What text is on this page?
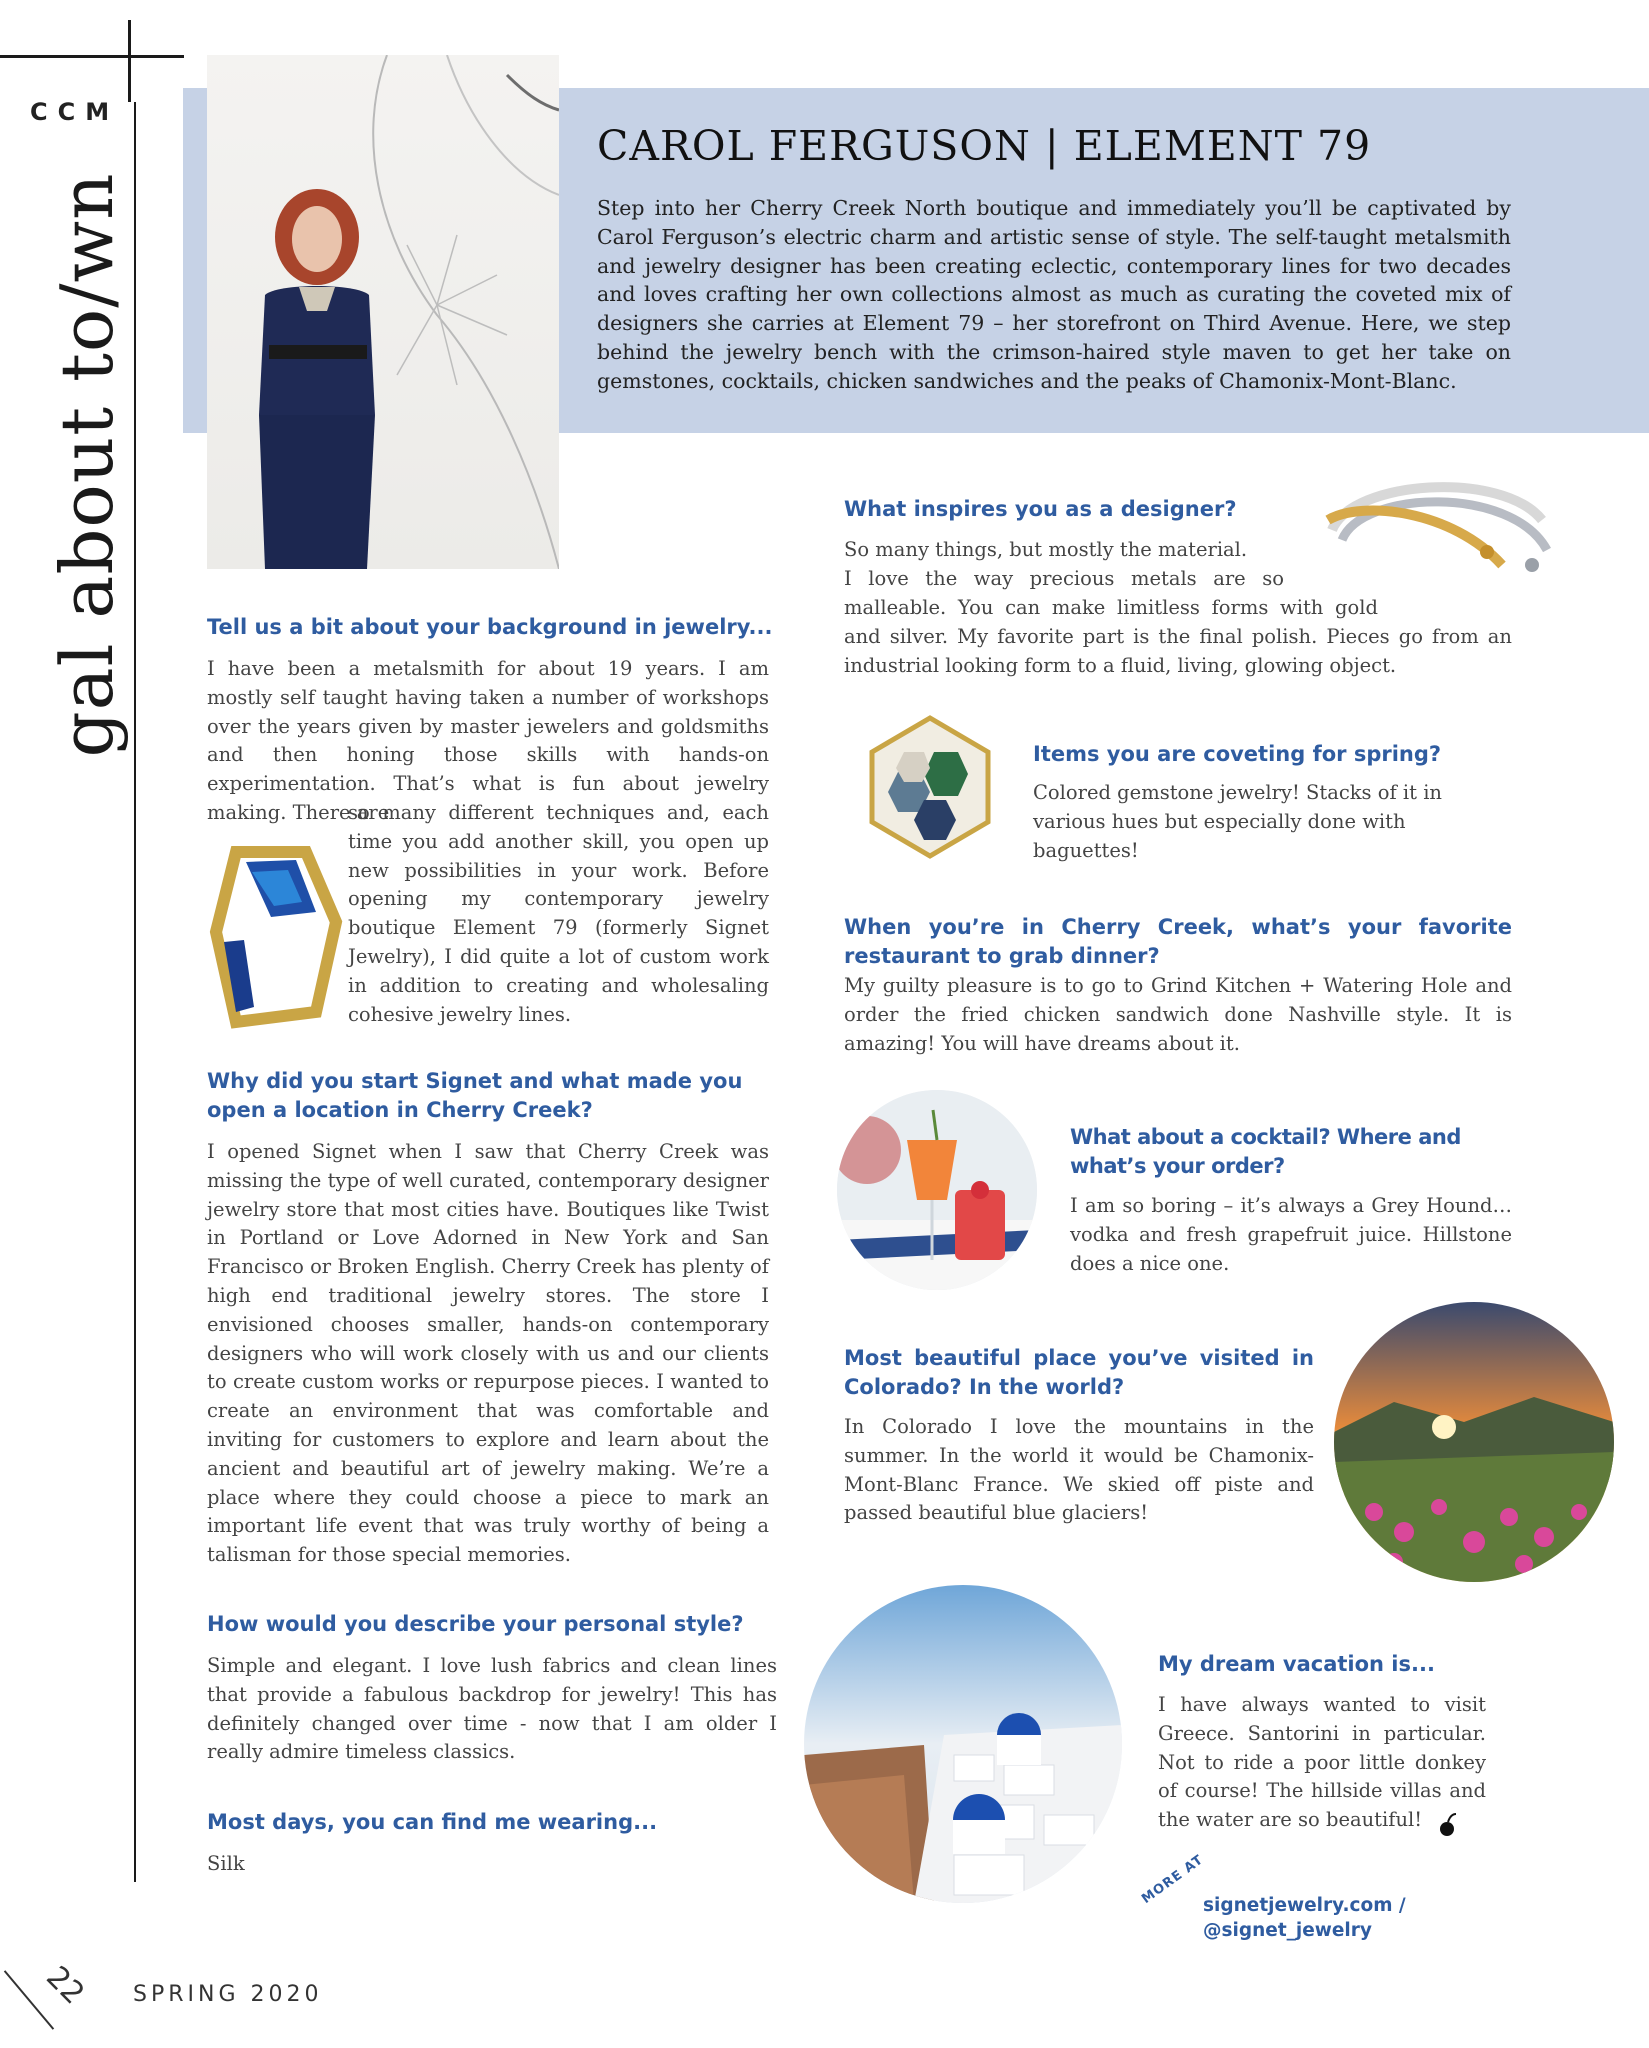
CCM
gal about to/wn
CAROL FERGUSON | ELEMENT 79
Step into her Cherry Creek North boutique and immediately you’ll be captivated by Carol Ferguson’s electric charm and artistic sense of style. The self-taught metalsmith and jewelry designer has been creating eclectic, contemporary lines for two decades and loves crafting her own collections almost as much as curating the coveted mix of designers she carries at Element 79 – her storefront on Third Avenue. Here, we step behind the jewelry bench with the crimson-haired style maven to get her take on gemstones, cocktails, chicken sandwiches and the peaks of Chamonix-Mont-Blanc.
Tell us a bit about your background in jewelry...
I have been a metalsmith for about 19 years. I am mostly self taught having taken a number of workshops over the years given by master jewelers and goldsmiths and then honing those skills with hands-on experimentation. That’s what is fun about jewelry making. There are
so many different techniques and, each time you add another skill, you open up new possibilities in your work. Before opening my contemporary jewelry boutique Element 79 (formerly Signet Jewelry), I did quite a lot of custom work in addition to creating and wholesaling cohesive jewelry lines.
Why did you start Signet and what made you open a location in Cherry Creek?
I opened Signet when I saw that Cherry Creek was missing the type of well curated, contemporary designer jewelry store that most cities have. Boutiques like Twist in Portland or Love Adorned in New York and San Francisco or Broken English. Cherry Creek has plenty of high end traditional jewelry stores. The store I envisioned chooses smaller, hands-on contemporary designers who will work closely with us and our clients to create custom works or repurpose pieces. I wanted to create an environment that was comfortable and inviting for customers to explore and learn about the ancient and beautiful art of jewelry making. We’re a place where they could choose a piece to mark an important life event that was truly worthy of being a talisman for those special memories.
How would you describe your personal style?
Simple and elegant. I love lush fabrics and clean lines that provide a fabulous backdrop for jewelry! This has definitely changed over time - now that I am older I really admire timeless classics.
Most days, you can find me wearing...
Silk
What inspires you as a designer?
So many things, but mostly the material.
I love the way precious metals are so
malleable. You can make limitless forms with gold
and silver. My favorite part is the final polish. Pieces go from an industrial looking form to a fluid, living, glowing object.
Items you are coveting for spring?
Colored gemstone jewelry! Stacks of it in various hues but especially done with baguettes!
When you’re in Cherry Creek, what’s your favorite restaurant to grab dinner?
My guilty pleasure is to go to Grind Kitchen + Watering Hole and order the fried chicken sandwich done Nashville style. It is amazing! You will have dreams about it.
What about a cocktail? Where and what’s your order?
I am so boring – it’s always a Grey Hound… vodka and fresh grapefruit juice. Hillstone does a nice one.
Most beautiful place you’ve visited in Colorado? In the world?
In Colorado I love the mountains in the summer. In the world it would be Chamonix-Mont-Blanc France. We skied off piste and passed beautiful blue glaciers!
My dream vacation is...
I have always wanted to visit Greece. Santorini in particular. Not to ride a poor little donkey of course! The hillside villas and the water are so beautiful!
MORE AT
signetjewelry.com /
@signet_jewelry
22 SPRING 2020
